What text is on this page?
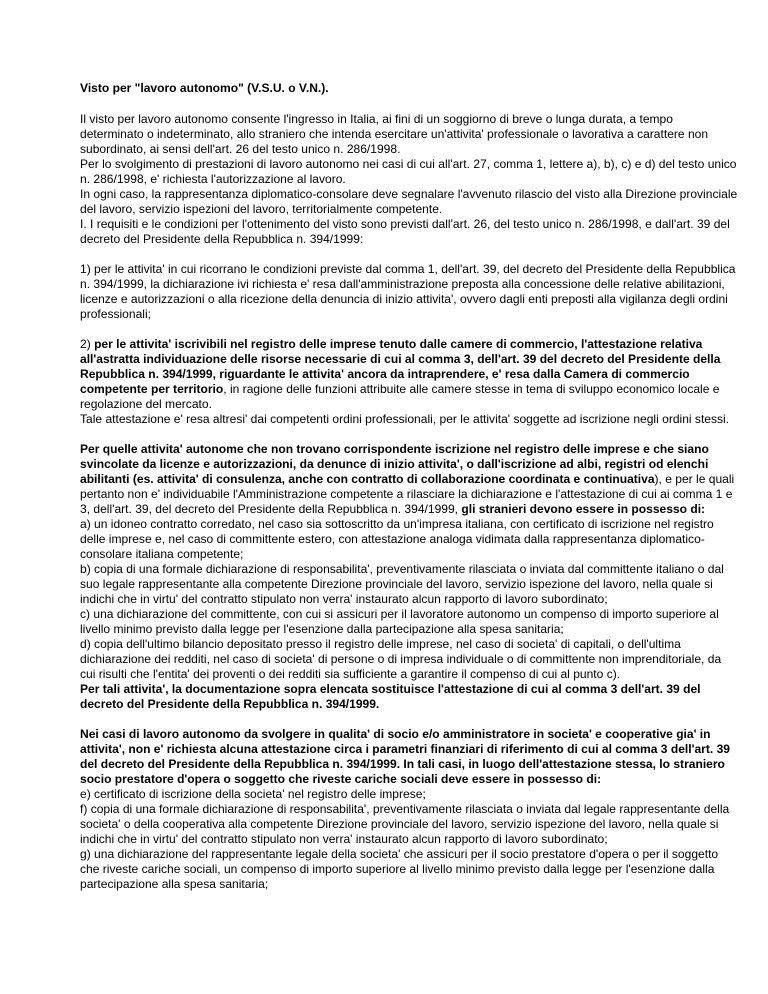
Visto per "lavoro autonomo" (V.S.U. o V.N.).

Il visto per lavoro autonomo consente l'ingresso in Italia, ai fini di un soggiorno di breve o lunga durata, a tempo determinato o indeterminato, allo straniero che intenda esercitare un'attivita' professionale o lavorativa a carattere non subordinato, ai sensi dell'art. 26 del testo unico n. 286/1998.

Per lo svolgimento di prestazioni di lavoro autonomo nei casi di cui all'art. 27, comma 1, lettere a), b), c) e d) del testo unico n. 286/1998, e' richiesta l'autorizzazione al lavoro.

In ogni caso, la rappresentanza diplomatico-consolare deve segnalare l'avvenuto rilascio del visto alla Direzione provinciale del lavoro, servizio ispezioni del lavoro, territorialmente competente.

I. I requisiti e le condizioni per l'ottenimento del visto sono previsti dall'art. 26, del testo unico n. 286/1998, e dall'art. 39 del decreto del Presidente della Repubblica n. 394/1999:

1) per le attivita' in cui ricorrano le condizioni previste dal comma 1, dell'art. 39, del decreto del Presidente della Repubblica n. 394/1999, la dichiarazione ivi richiesta e' resa dall'amministrazione preposta alla concessione delle relative abilitazioni, licenze e autorizzazioni o alla ricezione della denuncia di inizio attivita', ovvero dagli enti preposti alla vigilanza degli ordini professionali;

2) per le attivita' iscrivibili nel registro delle imprese tenuto dalle camere di commercio, l'attestazione relativa all'astratta individuazione delle risorse necessarie di cui al comma 3, dell'art. 39 del decreto del Presidente della Repubblica n. 394/1999, riguardante le attivita' ancora da intraprendere, e' resa dalla Camera di commercio competente per territorio, in ragione delle funzioni attribuite alle camere stesse in tema di sviluppo economico locale e regolazione del mercato.

Tale attestazione e' resa altresi' dai competenti ordini professionali, per le attivita' soggette ad iscrizione negli ordini stessi.

Per quelle attivita' autonome che non trovano corrispondente iscrizione nel registro delle imprese e che siano svincolate da licenze e autorizzazioni, da denunce di inizio attivita', o dall'iscrizione ad albi, registri od elenchi abilitanti (es. attivita' di consulenza, anche con contratto di collaborazione coordinata e continuativa), e per le quali pertanto non e' individuabile l'Amministrazione competente a rilasciare la dichiarazione e l'attestazione di cui ai comma 1 e 3, dell'art. 39, del decreto del Presidente della Repubblica n. 394/1999, gli stranieri devono essere in possesso di:

a) un idoneo contratto corredato, nel caso sia sottoscritto da un'impresa italiana, con certificato di iscrizione nel registro delle imprese e, nel caso di committente estero, con attestazione analoga vidimata dalla rappresentanza diplomatico-consolare italiana competente;

b) copia di una formale dichiarazione di responsabilita', preventivamente rilasciata o inviata dal committente italiano o dal suo legale rappresentante alla competente Direzione provinciale del lavoro, servizio ispezione del lavoro, nella quale si indichi che in virtu' del contratto stipulato non verra' instaurato alcun rapporto di lavoro subordinato;

c) una dichiarazione del committente, con cui si assicuri per il lavoratore autonomo un compenso di importo superiore al livello minimo previsto dalla legge per l'esenzione dalla partecipazione alla spesa sanitaria;

d) copia dell'ultimo bilancio depositato presso il registro delle imprese, nel caso di societa' di capitali, o dell'ultima dichiarazione dei redditi, nel caso di societa' di persone o di impresa individuale o di committente non imprenditoriale, da cui risulti che l'entita' dei proventi o dei redditi sia sufficiente a garantire il compenso di cui al punto c).

Per tali attivita', la documentazione sopra elencata sostituisce l'attestazione di cui al comma 3 dell'art. 39 del decreto del Presidente della Repubblica n. 394/1999.

Nei casi di lavoro autonomo da svolgere in qualita' di socio e/o amministratore in societa' e cooperative gia' in attivita', non e' richiesta alcuna attestazione circa i parametri finanziari di riferimento di cui al comma 3 dell'art. 39 del decreto del Presidente della Repubblica n. 394/1999. In tali casi, in luogo dell'attestazione stessa, lo straniero socio prestatore d'opera o soggetto che riveste cariche sociali deve essere in possesso di:

e) certificato di iscrizione della societa' nel registro delle imprese;

f) copia di una formale dichiarazione di responsabilita', preventivamente rilasciata o inviata dal legale rappresentante della societa' o della cooperativa alla competente Direzione provinciale del lavoro, servizio ispezione del lavoro, nella quale si indichi che in virtu' del contratto stipulato non verra' instaurato alcun rapporto di lavoro subordinato;

g) una dichiarazione del rappresentante legale della societa' che assicuri per il socio prestatore d'opera o per il soggetto che riveste cariche sociali, un compenso di importo superiore al livello minimo previsto dalla legge per l'esenzione dalla partecipazione alla spesa sanitaria;
